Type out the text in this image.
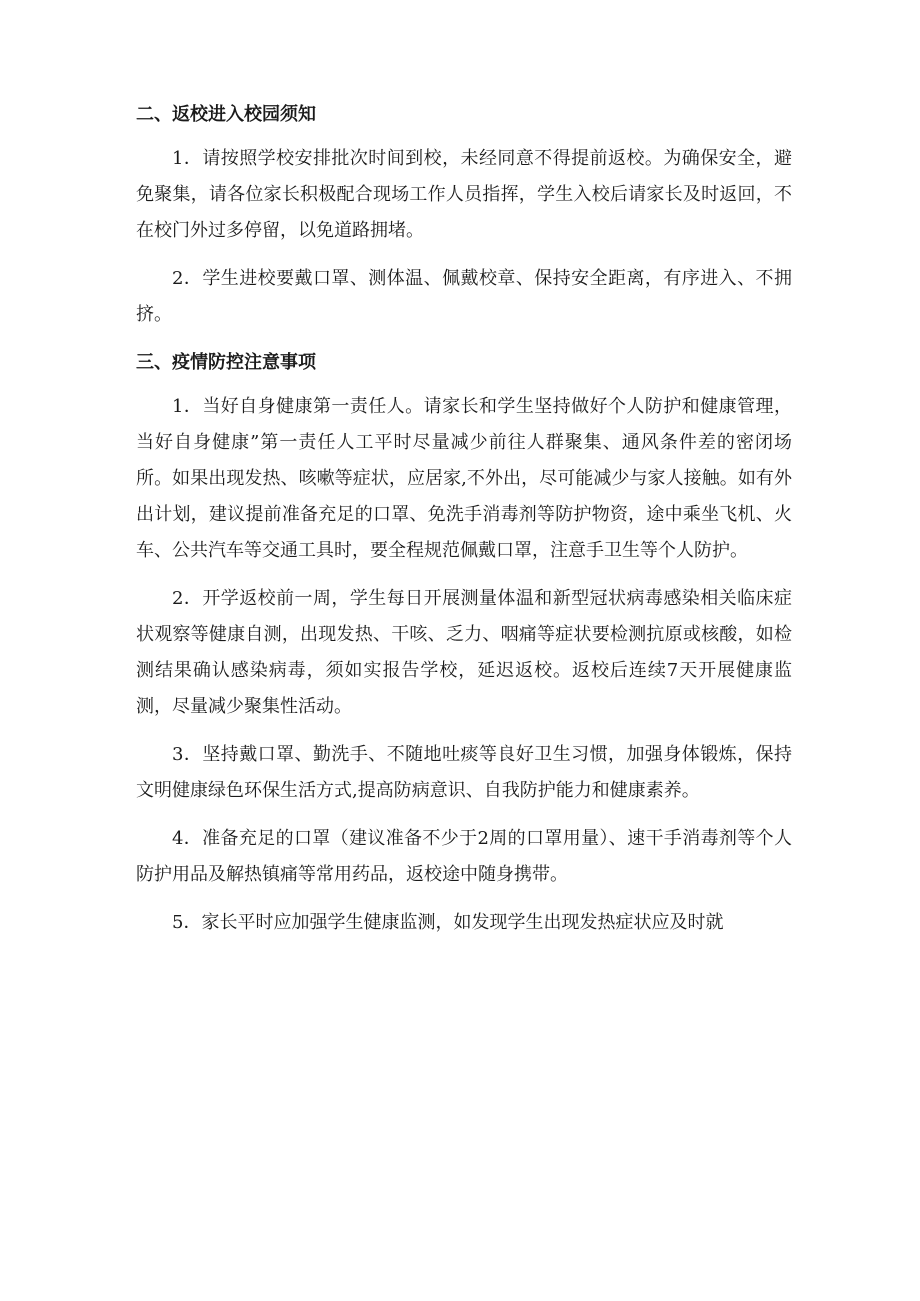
二、返校进入校园须知

1．请按照学校安排批次时间到校，未经同意不得提前返校。为确保安全，避免聚集，请各位家长积极配合现场工作人员指挥，学生入校后请家长及时返回，不在校门外过多停留，以免道路拥堵。

2．学生进校要戴口罩、测体温、佩戴校章、保持安全距离，有序进入、不拥挤。

三、疫情防控注意事项

1．当好自身健康第一责任人。请家长和学生坚持做好个人防护和健康管理，当好自身健康”第一责任人工平时尽量减少前往人群聚集、通风条件差的密闭场所。如果出现发热、咳嗽等症状，应居家,不外出，尽可能减少与家人接触。如有外出计划，建议提前准备充足的口罩、免洗手消毒剂等防护物资，途中乘坐飞机、火车、公共汽车等交通工具时，要全程规范佩戴口罩，注意手卫生等个人防护。

2．开学返校前一周，学生每日开展测量体温和新型冠状病毒感染相关临床症状观察等健康自测，出现发热、干咳、乏力、咽痛等症状要检测抗原或核酸，如检测结果确认感染病毒，须如实报告学校，延迟返校。返校后连续7天开展健康监测，尽量减少聚集性活动。

3．坚持戴口罩、勤洗手、不随地吐痰等良好卫生习惯，加强身体锻炼，保持文明健康绿色环保生活方式,提高防病意识、自我防护能力和健康素养。

4．准备充足的口罩（建议准备不少于2周的口罩用量）、速干手消毒剂等个人防护用品及解热镇痛等常用药品，返校途中随身携带。

5．家长平时应加强学生健康监测，如发现学生出现发热症状应及时就
